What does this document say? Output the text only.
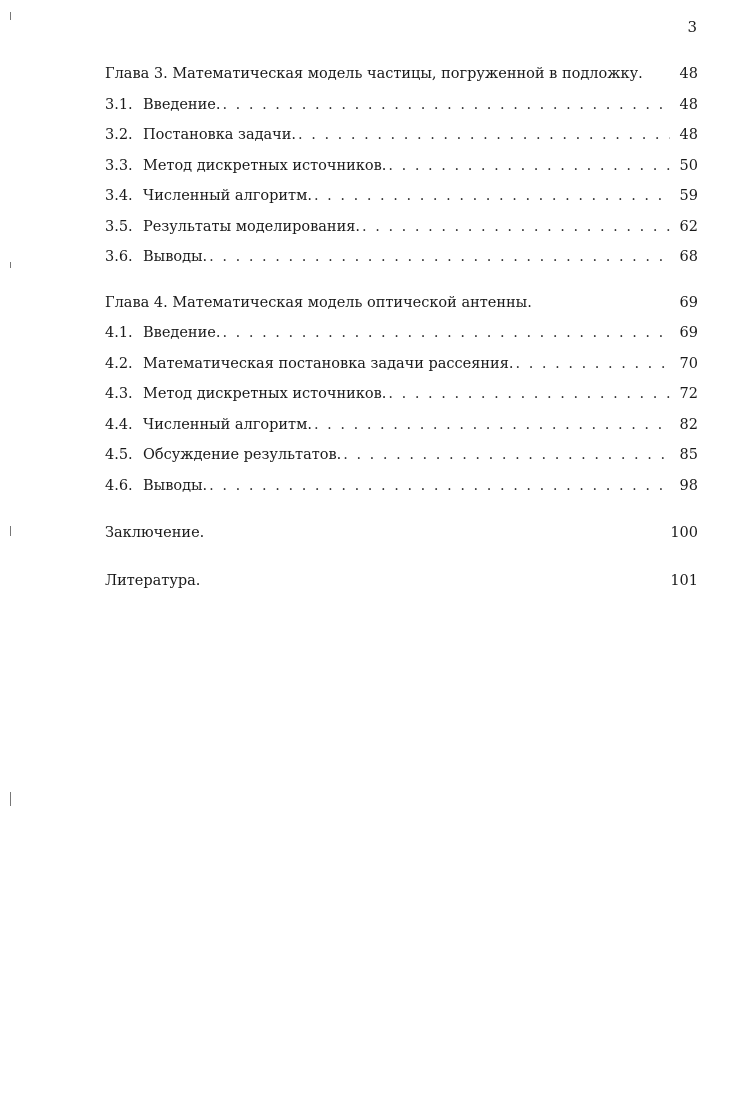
3
Глава 3. Математическая модель частицы, погруженной в подложку.	48
3.1. Введение. . . .	48
3.2. Постановка задачи. . . .	48
3.3. Метод дискретных источников. . . .	50
3.4. Численный алгоритм. . . .	59
3.5. Результаты моделирования. . . .	62
3.6. Выводы. . . .	68
Глава 4. Математическая модель оптической антенны.	69
4.1. Введение. . . .	69
4.2. Математическая постановка задачи рассеяния. . . .	70
4.3. Метод дискретных источников. . . .	72
4.4. Численный алгоритм. . . .	82
4.5. Обсуждение результатов. . . .	85
4.6. Выводы. . . .	98
Заключение.	100
Литература.	101
